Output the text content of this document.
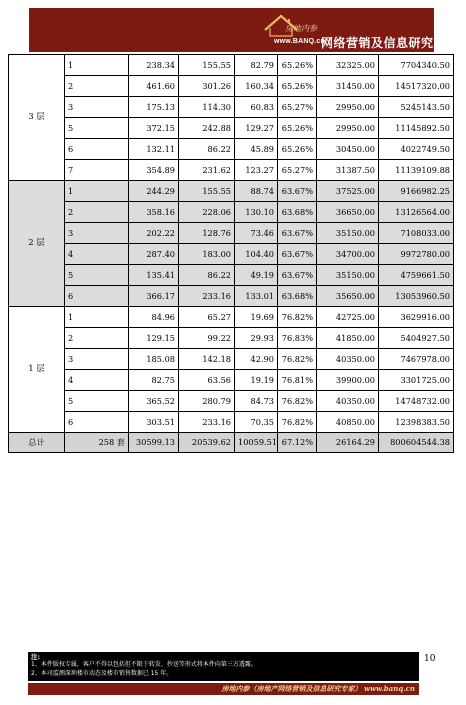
房地内参
www.BANQ.cn
网络营销及信息研究专家
3 层	1	238.34	155.55	82.79	65.26%	32325.00	7704340.50
	2	461.60	301.26	160.34	65.26%	31450.00	14517320.00
	3	175.13	114.30	60.83	65.27%	29950.00	5245143.50
	5	372.15	242.88	129.27	65.26%	29950.00	11145892.50
	6	132.11	86.22	45.89	65.26%	30450.00	4022749.50
	7	354.89	231.62	123.27	65.27%	31387.50	11139109.88
2 层	1	244.29	155.55	88.74	63.67%	37525.00	9166982.25
	2	358.16	228.06	130.10	63.68%	36650.00	13126564.00
	3	202.22	128.76	73.46	63.67%	35150.00	7108033.00
	4	287.40	183.00	104.40	63.67%	34700.00	9972780.00
	5	135.41	86.22	49.19	63.67%	35150.00	4759661.50
	6	366.17	233.16	133.01	63.68%	35650.00	13053960.50
1 层	1	84.96	65.27	19.69	76.82%	42725.00	3629916.00
	2	129.15	99.22	29.93	76.83%	41850.00	5404927.50
	3	185.08	142.18	42.90	76.82%	40350.00	7467978.00
	4	82.75	63.56	19.19	76.81%	39900.00	3301725.00
	5	365.52	280.79	84.73	76.82%	40350.00	14748732.00
	6	303.51	233.16	70.35	76.82%	40850.00	12398383.50
总计	258 套	30599.13	20539.62	10059.51	67.12%	26164.29	800604544.38
注:
1、本件版权专属，客户不得以包括但不限于转发、抄送等形式将本件向第三方透露。
2、本司监测深圳楼市动态及楼市销售数据已 15 年。
10
房地内参（房地产网络营销及信息研究专家） www.banq.cn
